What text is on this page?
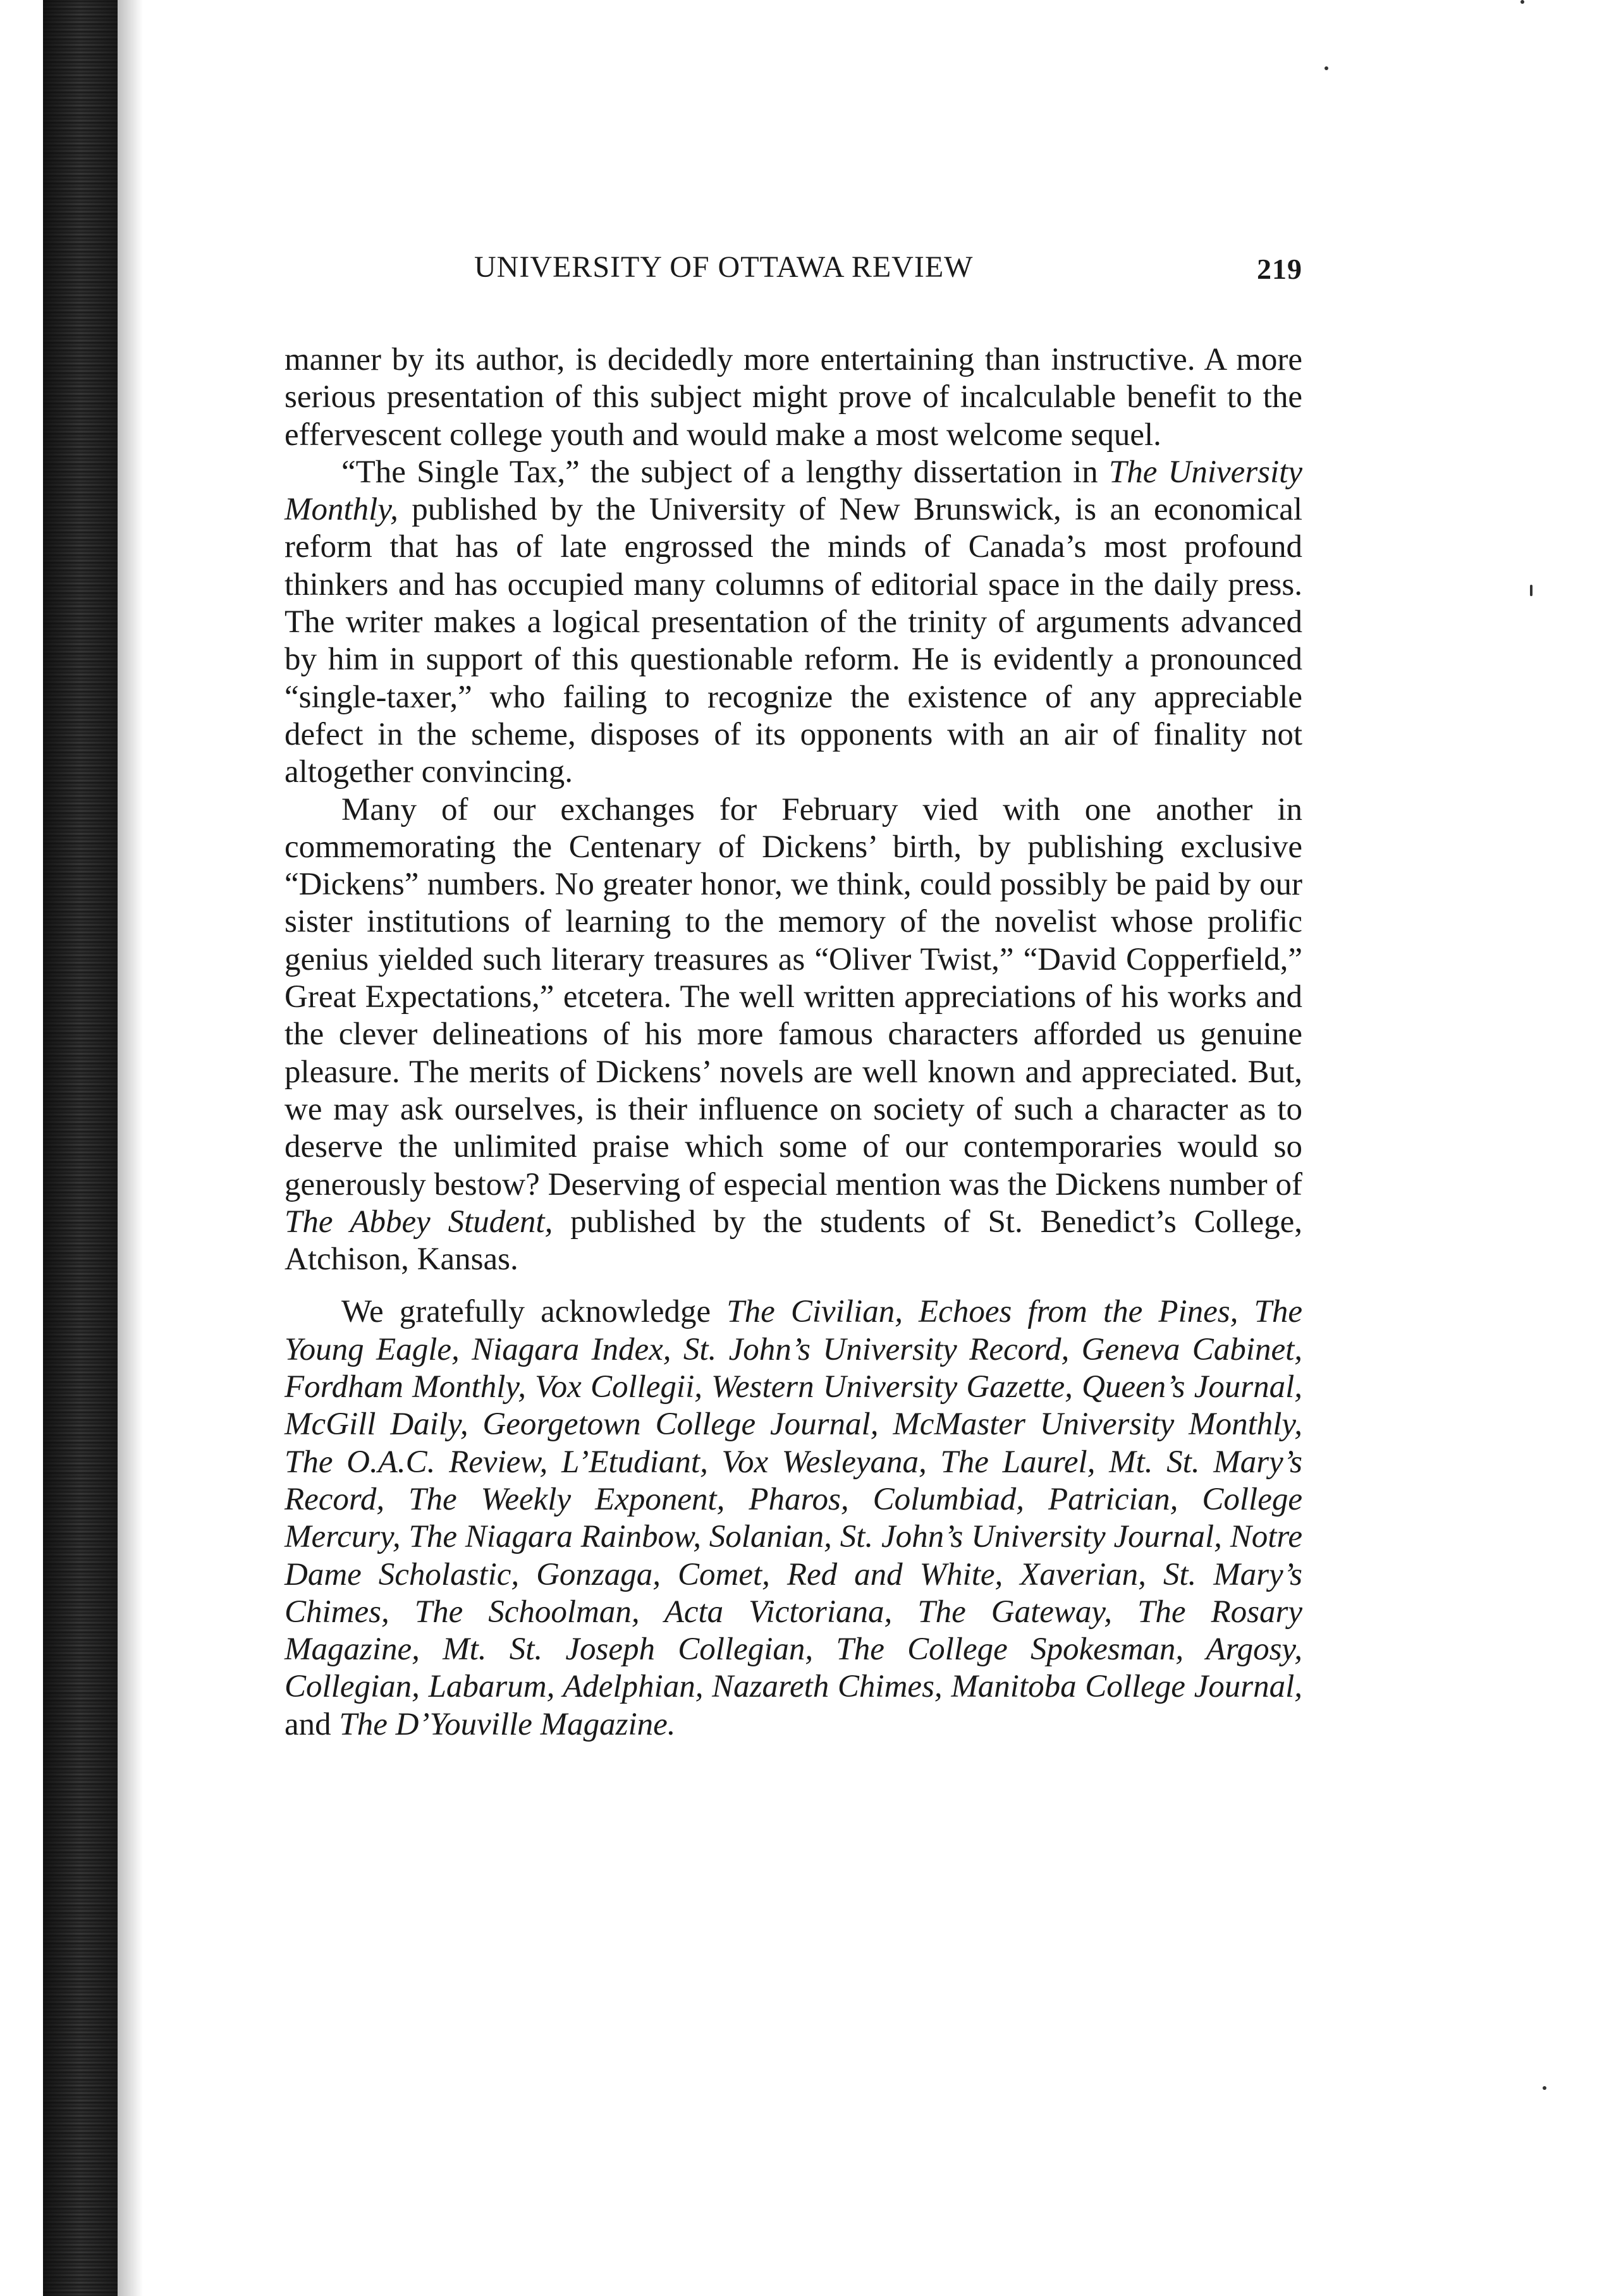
UNIVERSITY OF OTTAWA REVIEW	219

manner by its author, is decidedly more entertaining than instructive. A more serious presentation of this subject might prove of incalculable benefit to the effervescent college youth and would make a most welcome sequel.

“The Single Tax,” the subject of a lengthy dissertation in The University Monthly, published by the University of New Brunswick, is an economical reform that has of late engrossed the minds of Canada’s most profound thinkers and has occupied many columns of editorial space in the daily press. The writer makes a logical presentation of the trinity of arguments advanced by him in support of this questionable reform. He is evidently a pronounced “single-taxer,” who failing to recognize the existence of any appreciable defect in the scheme, disposes of its opponents with an air of finality not altogether convincing.

Many of our exchanges for February vied with one another in commemorating the Centenary of Dickens’ birth, by publishing exclusive “Dickens” numbers. No greater honor, we think, could possibly be paid by our sister institutions of learning to the memory of the novelist whose prolific genius yielded such literary treasures as “Oliver Twist,” “David Copperfield,” Great Expectations,” etcetera. The well written appreciations of his works and the clever delineations of his more famous characters afforded us genuine pleasure. The merits of Dickens’ novels are well known and appreciated. But, we may ask ourselves, is their influence on society of such a character as to deserve the unlimited praise which some of our contemporaries would so generously bestow? Deserving of especial mention was the Dickens number of The Abbey Student, published by the students of St. Benedict’s College, Atchison, Kansas.

We gratefully acknowledge The Civilian, Echoes from the Pines, The Young Eagle, Niagara Index, St. John’s University Record, Geneva Cabinet, Fordham Monthly, Vox Collegii, Western University Gazette, Queen’s Journal, McGill Daily, Georgetown College Journal, McMaster University Monthly, The O.A.C. Review, L’Etudiant, Vox Wesleyana, The Laurel, Mt. St. Mary’s Record, The Weekly Exponent, Pharos, Columbiad, Patrician, College Mercury, The Niagara Rainbow, Solanian, St. John’s University Journal, Notre Dame Scholastic, Gonzaga, Comet, Red and White, Xaverian, St. Mary’s Chimes, The Schoolman, Acta Victoriana, The Gateway, The Rosary Magazine, Mt. St. Joseph Collegian, The College Spokesman, Argosy, Collegian, Labarum, Adelphian, Nazareth Chimes, Manitoba College Journal, and The D’Youville Magazine.
